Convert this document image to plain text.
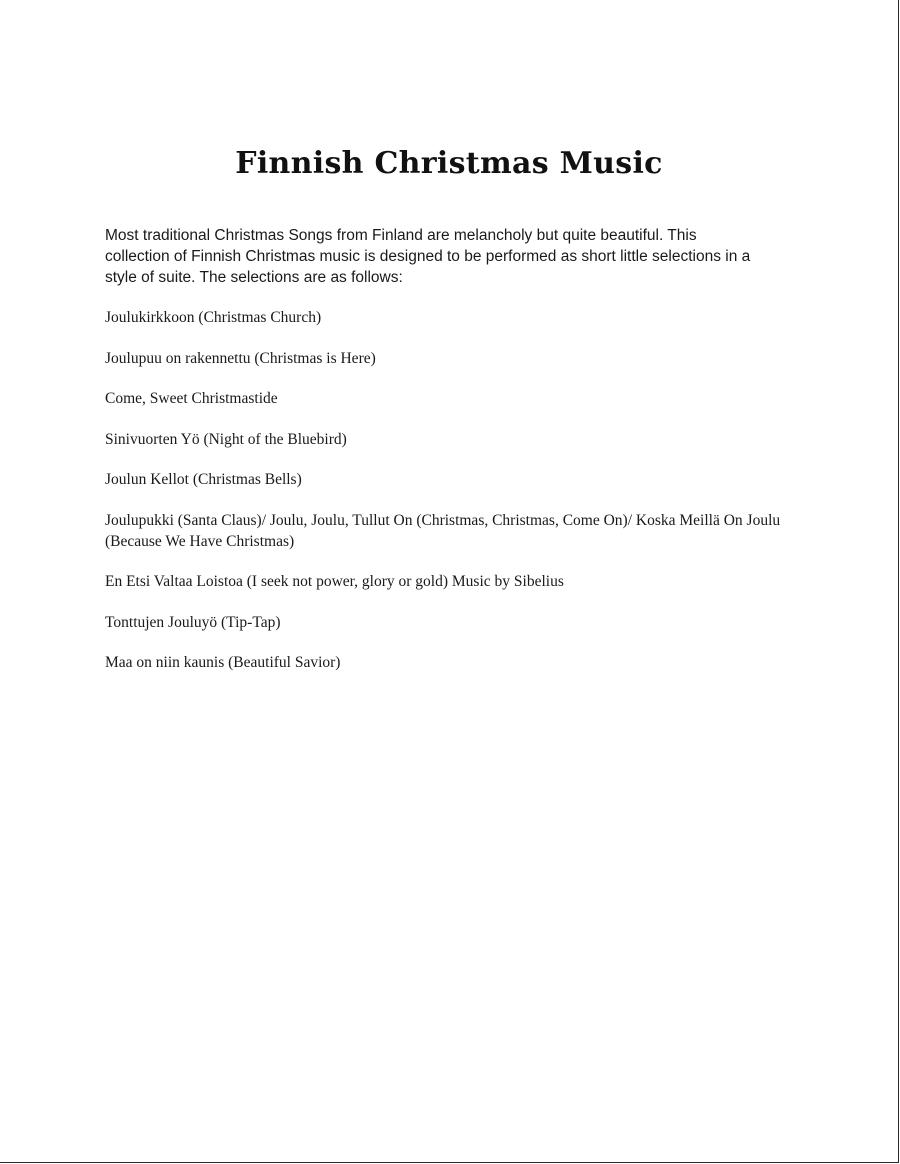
Finnish Christmas Music

Most traditional Christmas Songs from Finland are melancholy but quite beautiful. This collection of Finnish Christmas music is designed to be performed as short little selections in a style of suite. The selections are as follows:

Joulukirkkoon (Christmas Church)
Joulupuu on rakennettu (Christmas is Here)
Come, Sweet Christmastide
Sinivuorten Yö (Night of the Bluebird)
Joulun Kellot (Christmas Bells)
Joulupukki (Santa Claus)/ Joulu, Joulu, Tullut On (Christmas, Christmas, Come On)/ Koska Meillä On Joulu (Because We Have Christmas)
En Etsi Valtaa Loistoa (I seek not power, glory or gold) Music by Sibelius
Tonttujen Jouluyö (Tip-Tap)
Maa on niin kaunis (Beautiful Savior)
